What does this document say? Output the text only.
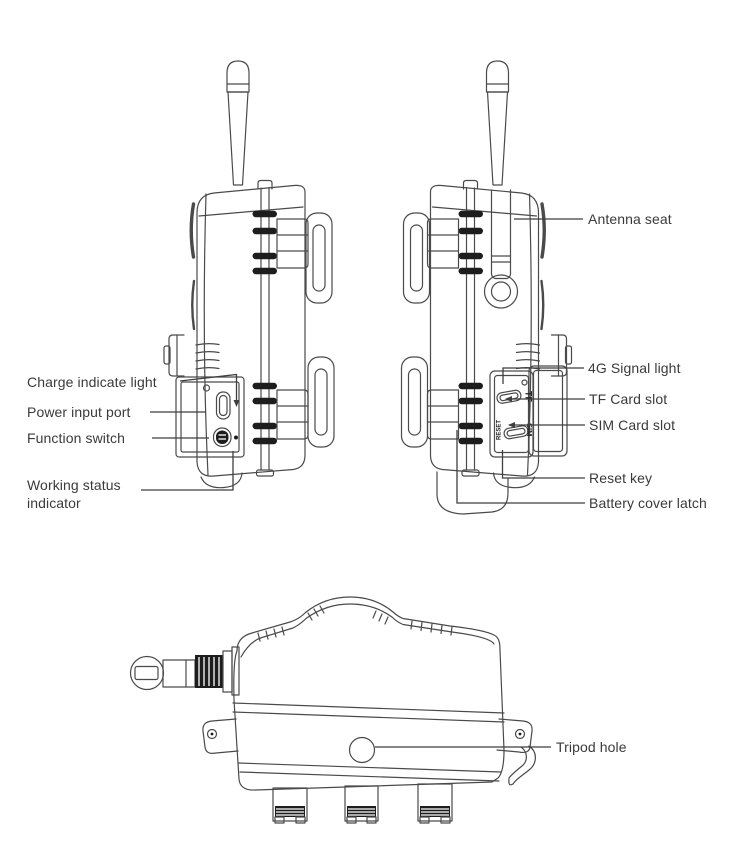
TF
RESET	SIM
Charge indicate light
Power input port
Function switch
Working status indicator
Antenna seat
4G Signal light
TF Card slot
SIM Card slot
Reset key
Battery cover latch
Tripod hole
